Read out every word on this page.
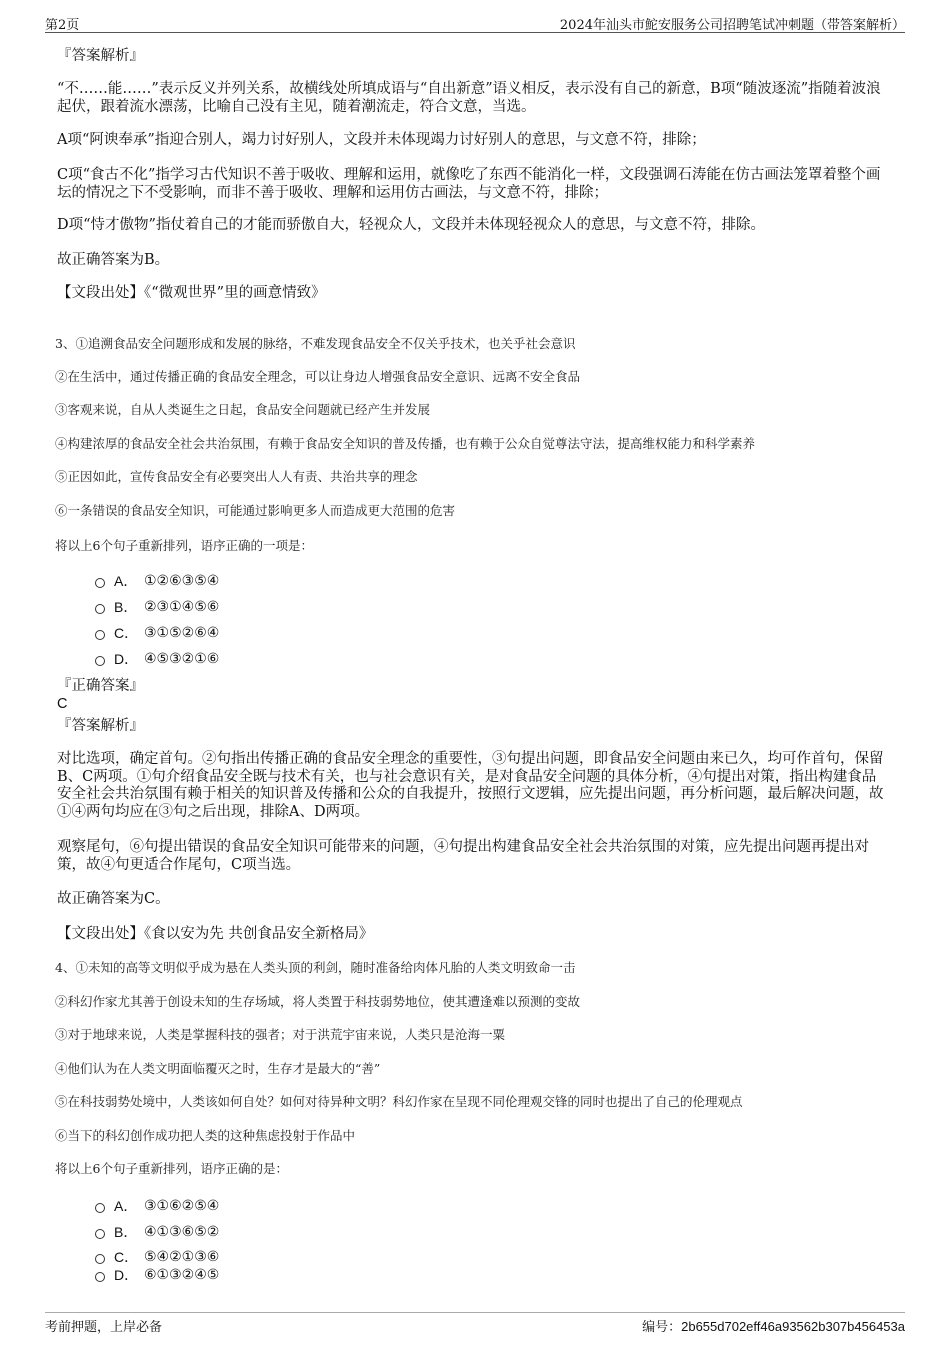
第2页	2024年汕头市鮀安服务公司招聘笔试冲刺题（带答案解析）
『答案解析』
“不……能……”表示反义并列关系，故横线处所填成语与“自出新意”语义相反，表示没有自己的新意，B项“随波逐流”指随着波浪起伏，跟着流水漂荡，比喻自己没有主见，随着潮流走，符合文意，当选。
A项“阿谀奉承”指迎合别人，竭力讨好别人，文段并未体现竭力讨好别人的意思，与文意不符，排除；
C项“食古不化”指学习古代知识不善于吸收、理解和运用，就像吃了东西不能消化一样，文段强调石涛能在仿古画法笼罩着整个画坛的情况之下不受影响，而非不善于吸收、理解和运用仿古画法，与文意不符，排除；
D项“恃才傲物”指仗着自己的才能而骄傲自大，轻视众人，文段并未体现轻视众人的意思，与文意不符，排除。
故正确答案为B。
【文段出处】《“微观世界”里的画意情致》
3、①追溯食品安全问题形成和发展的脉络，不难发现食品安全不仅关乎技术，也关乎社会意识
②在生活中，通过传播正确的食品安全理念，可以让身边人增强食品安全意识、远离不安全食品
③客观来说，自从人类诞生之日起，食品安全问题就已经产生并发展
④构建浓厚的食品安全社会共治氛围，有赖于食品安全知识的普及传播，也有赖于公众自觉尊法守法，提高维权能力和科学素养
⑤正因如此，宣传食品安全有必要突出人人有责、共治共享的理念
⑥一条错误的食品安全知识，可能通过影响更多人而造成更大范围的危害
将以上6个句子重新排列，语序正确的一项是：
A． ①②⑥③⑤④
B． ②③①④⑤⑥
C． ③①⑤②⑥④
D． ④⑤③②①⑥
『正确答案』
C
『答案解析』
对比选项，确定首句。②句指出传播正确的食品安全理念的重要性，③句提出问题，即食品安全问题由来已久，均可作首句，保留B、C两项。①句介绍食品安全既与技术有关，也与社会意识有关，是对食品安全问题的具体分析，④句提出对策，指出构建食品安全社会共治氛围有赖于相关的知识普及传播和公众的自我提升，按照行文逻辑，应先提出问题，再分析问题，最后解决问题，故①④两句均应在③句之后出现，排除A、D两项。
观察尾句，⑥句提出错误的食品安全知识可能带来的问题，④句提出构建食品安全社会共治氛围的对策，应先提出问题再提出对策，故④句更适合作尾句，C项当选。
故正确答案为C。
【文段出处】《食以安为先 共创食品安全新格局》
4、①未知的高等文明似乎成为悬在人类头顶的利剑，随时准备给肉体凡胎的人类文明致命一击
②科幻作家尤其善于创设未知的生存场域，将人类置于科技弱势地位，使其遭逢难以预测的变故
③对于地球来说，人类是掌握科技的强者；对于洪荒宇宙来说，人类只是沧海一粟
④他们认为在人类文明面临覆灭之时，生存才是最大的“善”
⑤在科技弱势处境中，人类该如何自处？如何对待异种文明？科幻作家在呈现不同伦理观交锋的同时也提出了自己的伦理观点
⑥当下的科幻创作成功把人类的这种焦虑投射于作品中
将以上6个句子重新排列，语序正确的是：
A． ③①⑥②⑤④
B． ④①③⑥⑤②
C． ⑤④②①③⑥
D． ⑥①③②④⑤
考前押题，上岸必备	编号：2b655d702eff46a93562b307b456453a
